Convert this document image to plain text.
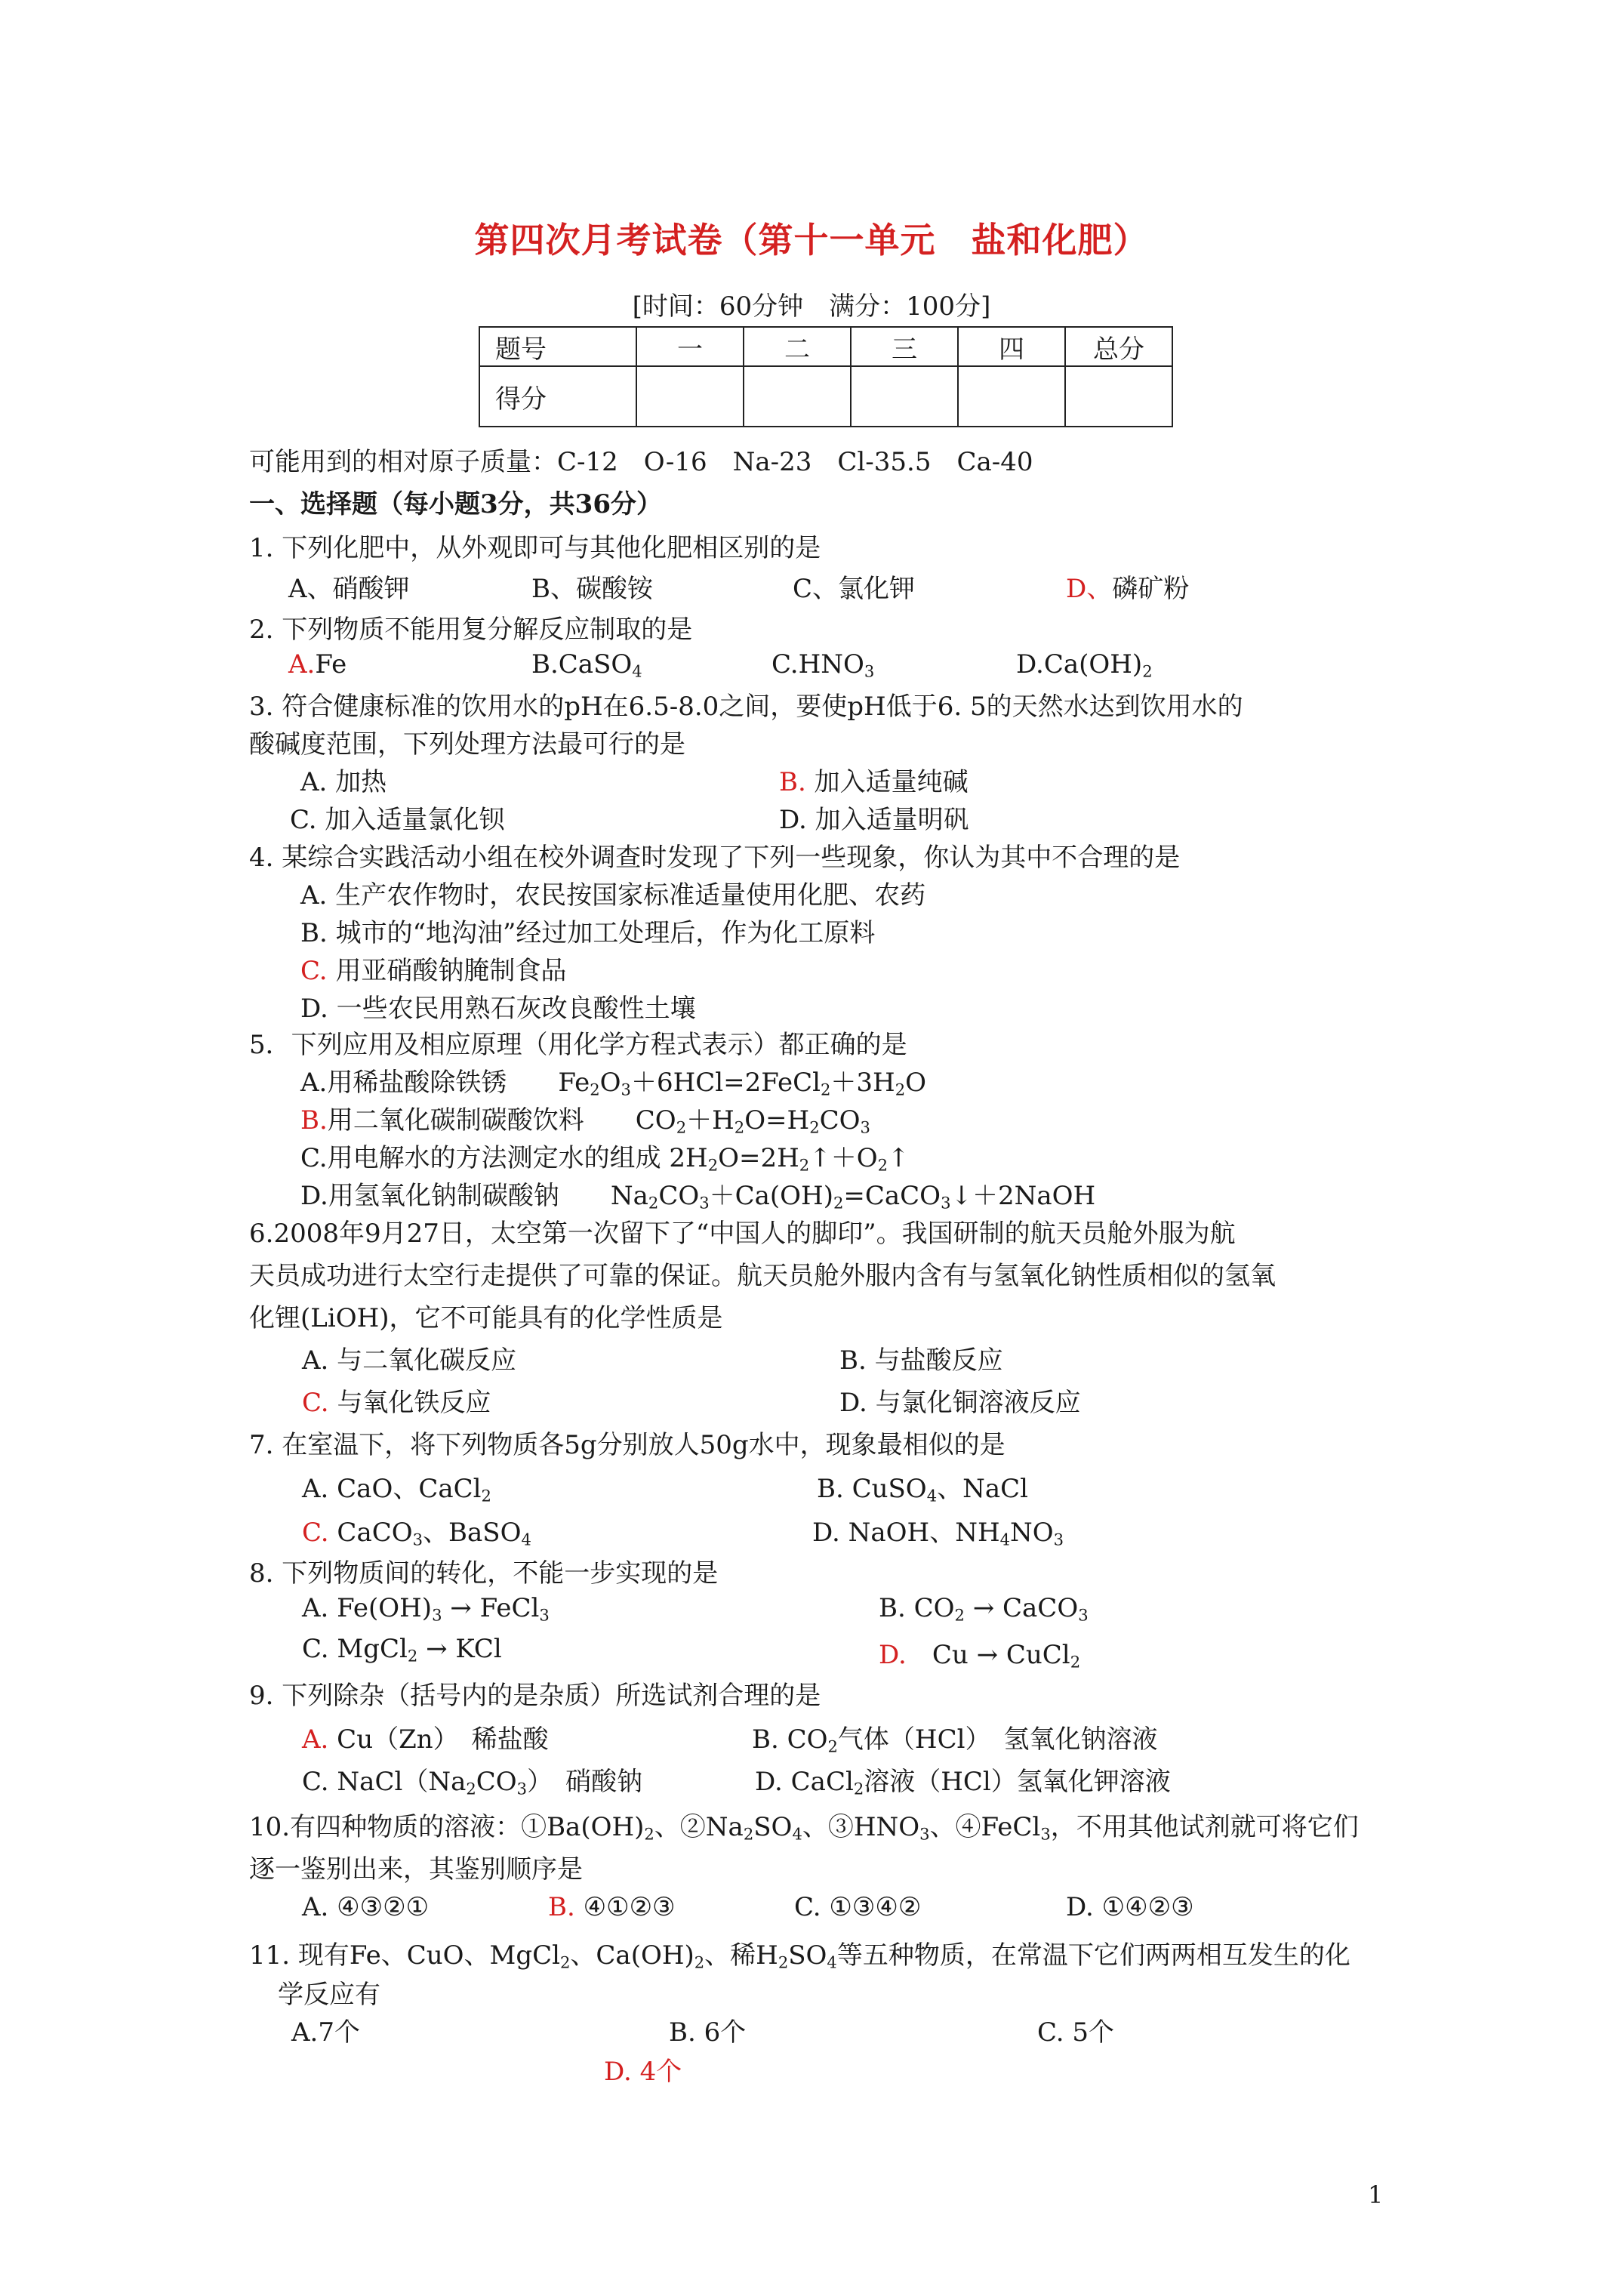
第四次月考试卷（第十一单元　盐和化肥）
[时间：60分钟　满分：100分]
题号	一	二	三	四	总分
得分					
可能用到的相对原子质量：C-12　O-16　Na-23　Cl-35.5　Ca-40
一、选择题（每小题3分，共36分）
1. 下列化肥中，从外观即可与其他化肥相区别的是
A、硝酸钾	B、碳酸铵	C、氯化钾	D、磷矿粉
2. 下列物质不能用复分解反应制取的是
A.Fe	B.CaSO$_4$	$C.HNO_3$	$D.Ca(OH)_2$
3. 符合健康标准的饮用水的pH在6.5-8.0之间，要使pH低于6. 5的天然水达到饮用水的
酸碱度范围，下列处理方法最可行的是
A. 加热	B. 加入适量纯碱
C. 加入适量氯化钡	D. 加入适量明矾
4. 某综合实践活动小组在校外调查时发现了下列一些现象，你认为其中不合理的是
A. 生产农作物时，农民按国家标准适量使用化肥、农药
B. 城市的“地沟油”经过加工处理后，作为化工原料
C. 用亚硝酸钠腌制食品
D. 一些农民用熟石灰改良酸性土壤
5．下列应用及相应原理（用化学方程式表示）都正确的是
A.用稀盐酸除铁锈　　$Fe_2O_3+6HCl=2FeCl_2+3H_2O$
B.用二氧化碳制碳酸饮料　　$CO_2+H_2O=H_2CO_3$
C.用电解水的方法测定水的组成 $2H_2O=2H_2↑+O_2↑$
D.用氢氧化钠制碳酸钠　　$Na_2CO_3+Ca(OH)_2=CaCO_3↓+2NaOH$
6.2008年9月27日，太空第一次留下了“中国人的脚印”。我国研制的航天员舱外服为航
天员成功进行太空行走提供了可靠的保证。航天员舱外服内含有与氢氧化钠性质相似的氢氧
化锂(LiOH)，它不可能具有的化学性质是
A. 与二氧化碳反应	B. 与盐酸反应
C. 与氧化铁反应	D. 与氯化铜溶液反应
7. 在室温下，将下列物质各5g分别放人50g水中，现象最相似的是
A. CaO、CaCl$_2$	B. CuSO$_4$、NaCl
C. CaCO$_3$、BaSO$_4$	D. NaOH、$NH_4NO_3$
8. 下列物质间的转化，不能一步实现的是
A. $Fe(OH)_3$ → FeCl$_3$	B. $CO_2$ → CaCO$_3$
C. MgCl$_2$ → KCl	D.　Cu → CuCl$_2$
9. 下列除杂（括号内的是杂质）所选试剂合理的是
A. Cu（Zn）　稀盐酸	B. $CO_2$气体（HCl）　氢氧化钠溶液
C. $NaCl(Na_2CO_3)$　硝酸钠	D. CaCl$_2$溶液（HCl）氢氧化钾溶液
10.有四种物质的溶液：$①Ba(OH)_2$、$②Na_2SO_4$、$③HNO_3$、④FeCl$_3$，不用其他试剂就可将它们
逐一鉴别出来，其鉴别顺序是
A. ④③②①	B. ④①②③	C. ①③④②	D. ①④②③
11. 现有Fe、CuO、MgCl$_2$、$Ca(OH)_2$、稀$H_2SO_4$等五种物质，在常温下它们两两相互发生的化
学反应有
A.7个	B. 6个	C. 5个
D. 4个
1
